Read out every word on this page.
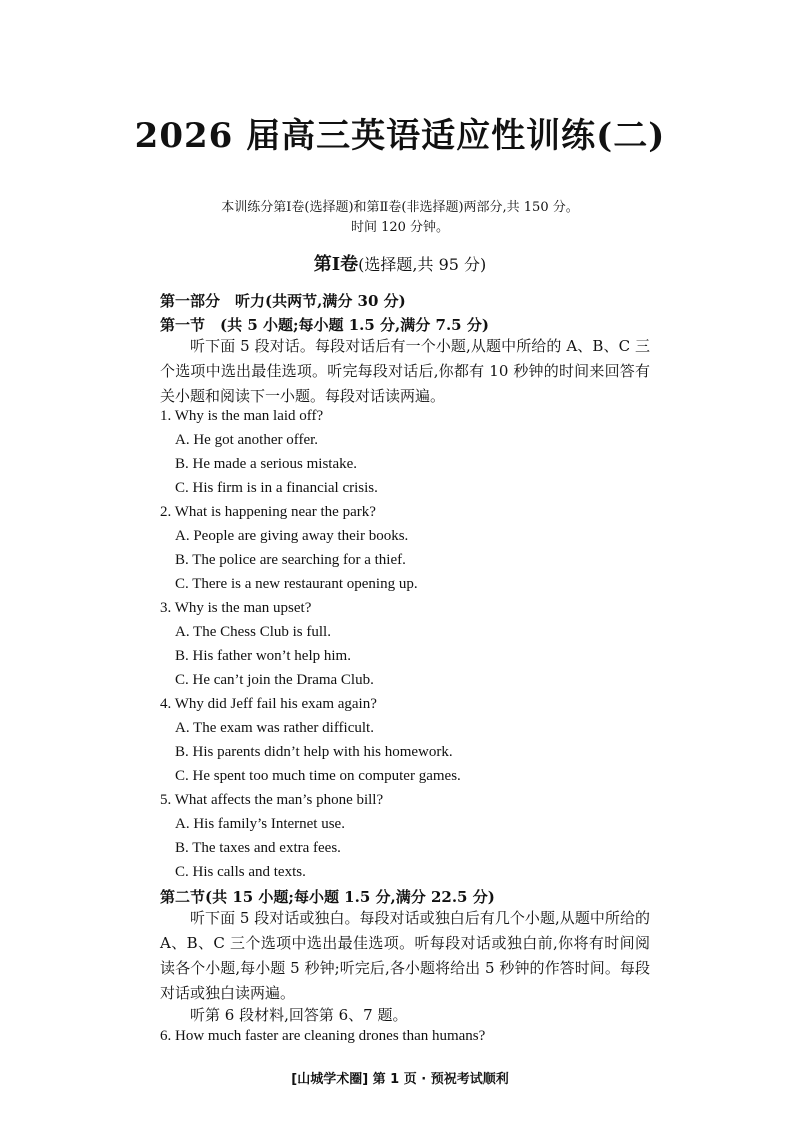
2026 届高三英语适应性训练(二)
本训练分第Ⅰ卷(选择题)和第Ⅱ卷(非选择题)两部分,共 150 分。
时间 120 分钟。
第Ⅰ卷(选择题,共 95 分)
第一部分　听力(共两节,满分 30 分)
第一节　(共 5 小题;每小题 1.5 分,满分 7.5 分)
听下面 5 段对话。每段对话后有一个小题,从题中所给的 A、B、C 三个选项中选出最佳选项。听完每段对话后,你都有 10 秒钟的时间来回答有关小题和阅读下一小题。每段对话读两遍。
1. Why is the man laid off?
A. He got another offer.
B. He made a serious mistake.
C. His firm is in a financial crisis.
2. What is happening near the park?
A. People are giving away their books.
B. The police are searching for a thief.
C. There is a new restaurant opening up.
3. Why is the man upset?
A. The Chess Club is full.
B. His father won’t help him.
C. He can’t join the Drama Club.
4. Why did Jeff fail his exam again?
A. The exam was rather difficult.
B. His parents didn’t help with his homework.
C. He spent too much time on computer games.
5. What affects the man’s phone bill?
A. His family’s Internet use.
B. The taxes and extra fees.
C. His calls and texts.
第二节(共 15 小题;每小题 1.5 分,满分 22.5 分)
听下面 5 段对话或独白。每段对话或独白后有几个小题,从题中所给的 A、B、C 三个选项中选出最佳选项。听每段对话或独白前,你将有时间阅读各个小题,每小题 5 秒钟;听完后,各小题将给出 5 秒钟的作答时间。每段对话或独白读两遍。
听第 6 段材料,回答第 6、7 题。
6. How much faster are cleaning drones than humans?
[山城学术圈] 第 1 页 · 预祝考试顺利
